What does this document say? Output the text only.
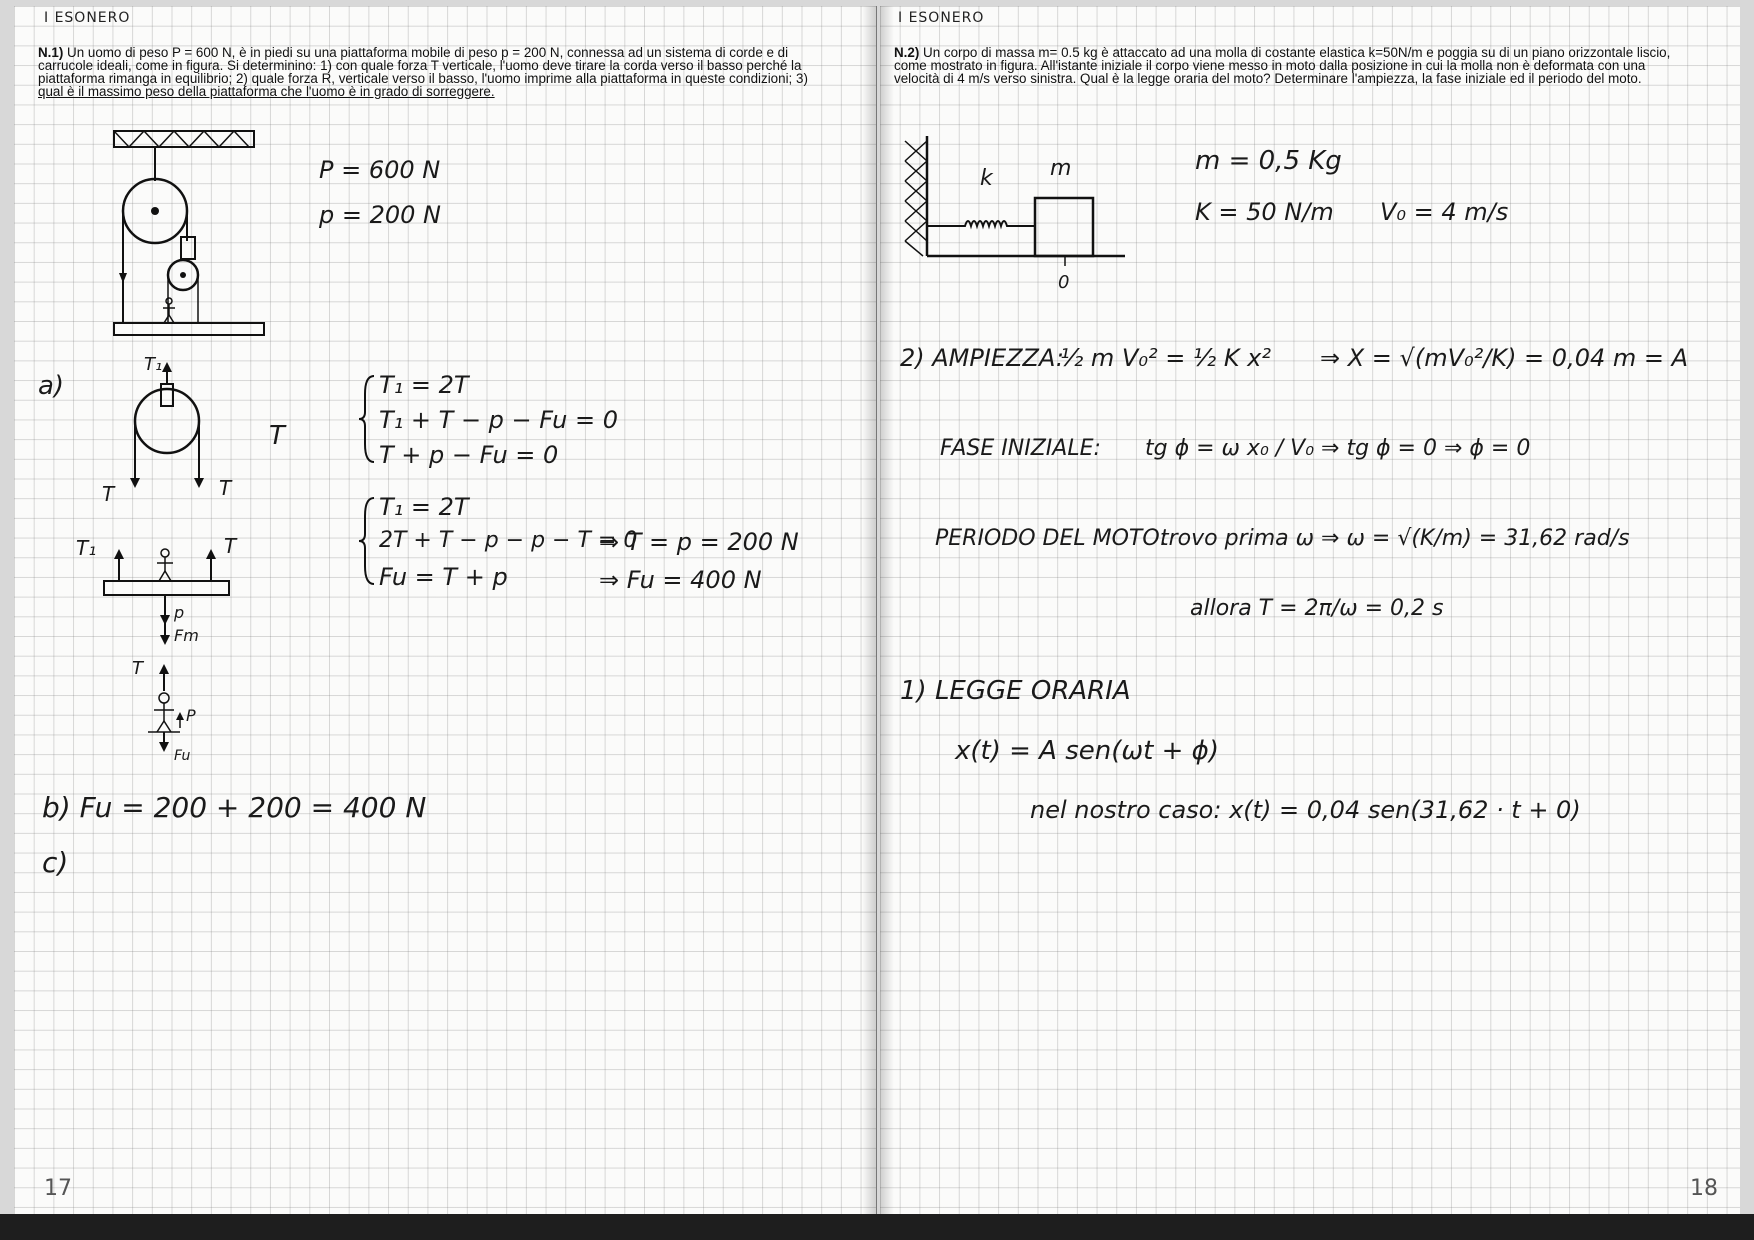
I ESONERO
N.1) Un uomo di peso P = 600 N, è in piedi su una piattaforma mobile di peso p = 200 N, connessa ad un sistema di corde e di carrucole ideali, come in figura. Si determinino: 1) con quale forza T verticale, l'uomo deve tirare la corda verso il basso perché la piattaforma rimanga in equilibrio; 2) quale forza R, verticale verso il basso, l'uomo imprime alla piattaforma in queste condizioni; 3) qual è il massimo peso della piattaforma che l'uomo è in grado di sorreggere.
P = 600 N
p = 200 N
a)
T₁
T	T
T
T₁	T
p
Fm
T
P
Fu
T₁ = 2T
T₁ + T − p − Fu = 0
T + p − Fu = 0
T₁ = 2T
2T + T − p − p − T = 0
Fu = T + p
⇒ T = p = 200 N
⇒ Fu = 400 N
b) Fu = 200 + 200 = 400 N
c)
17
I ESONERO
N.2) Un corpo di massa m= 0.5 kg è attaccato ad una molla di costante elastica k=50N/m e poggia su di un piano orizzontale liscio, come mostrato in figura. All'istante iniziale il corpo viene messo in moto dalla posizione in cui la molla non è deformata con una velocità di 4 m/s verso sinistra. Qual è la legge oraria del moto? Determinare l'ampiezza, la fase iniziale ed il periodo del moto.
k	m
0
m = 0,5 Kg
K = 50 N/m V₀ = 4 m/s
2) AMPIEZZA:
½ m V₀² = ½ K x² ⇒ X = √(mV₀²/K) = 0,04 m = A
FASE INIZIALE: tg ϕ = ω x₀ / V₀ ⇒ tg ϕ = 0 ⇒ ϕ = 0
PERIODO DEL MOTO:
trovo prima ω ⇒ ω = √(K/m) = 31,62 rad/s
allora T = 2π/ω = 0,2 s
1) LEGGE ORARIA
x(t) = A sen(ωt + ϕ)
nel nostro caso: x(t) = 0,04 sen(31,62 · t + 0)
18
